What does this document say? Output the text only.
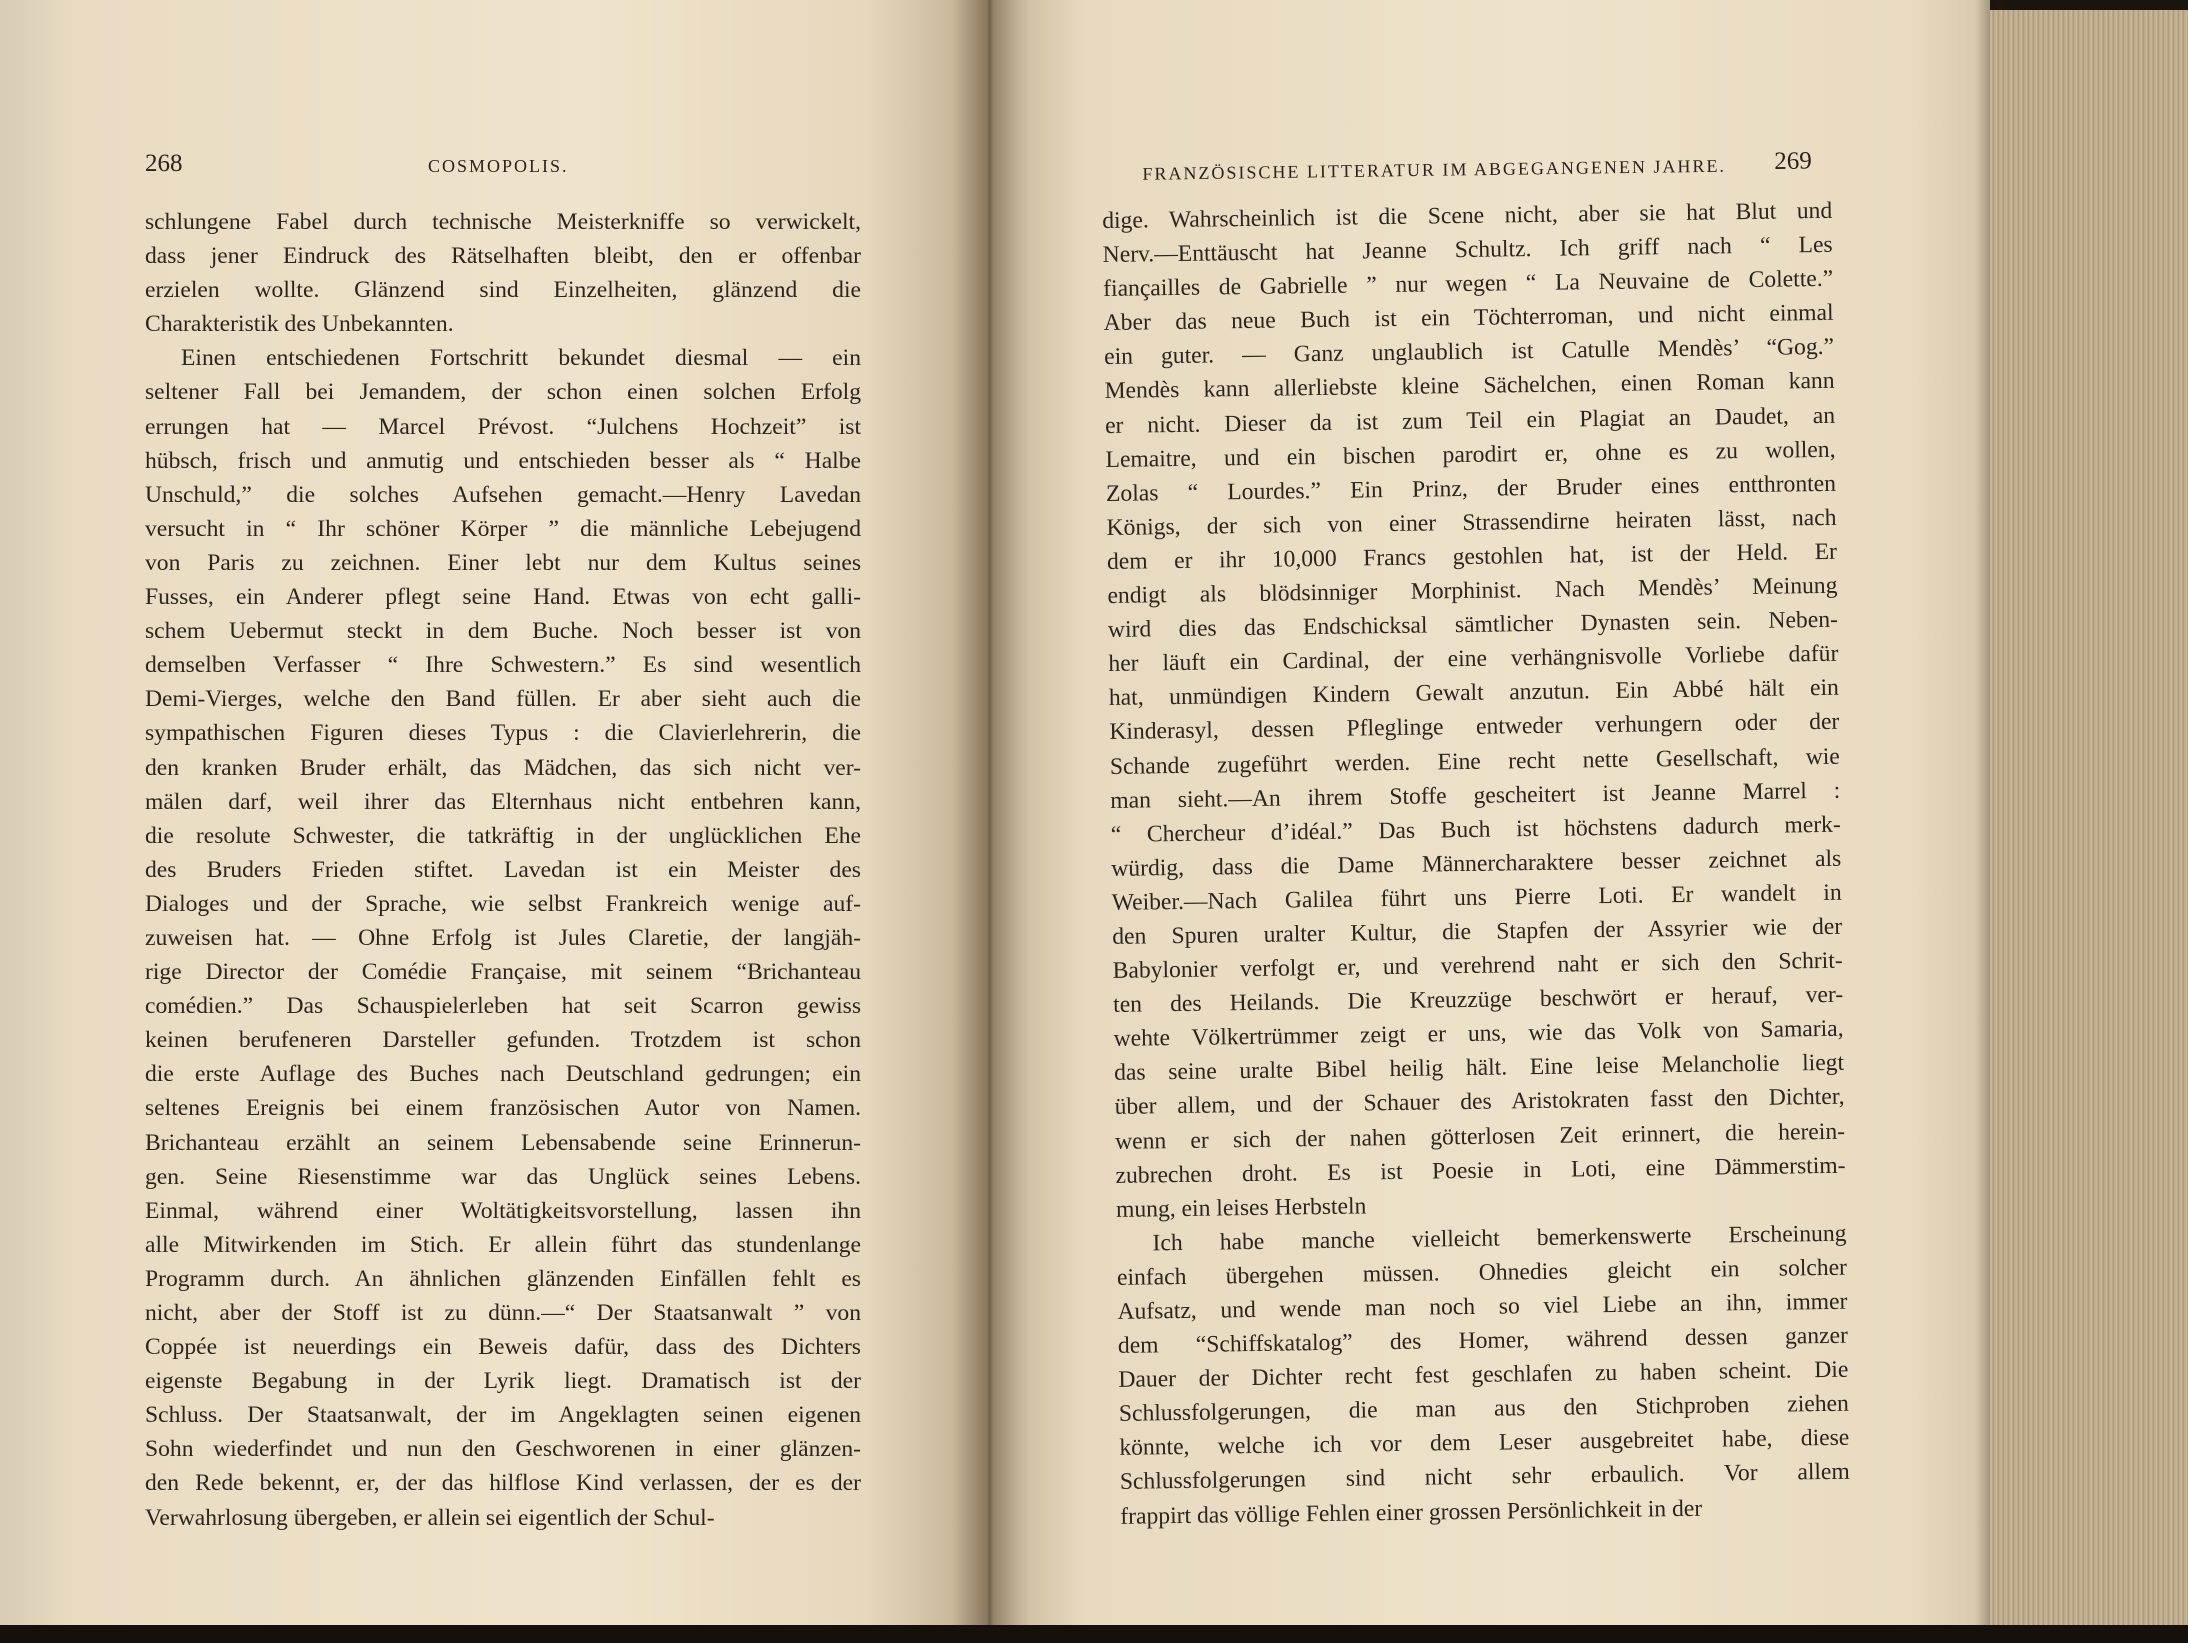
268	COSMOPOLIS.
schlungene Fabel durch technische Meisterkniffe so verwickelt,
dass jener Eindruck des Rätselhaften bleibt, den er offenbar
erzielen wollte. Glänzend sind Einzelheiten, glänzend die
Charakteristik des Unbekannten.
Einen entschiedenen Fortschritt bekundet diesmal — ein
seltener Fall bei Jemandem, der schon einen solchen Erfolg
errungen hat — Marcel Prévost. “Julchens Hochzeit” ist
hübsch, frisch und anmutig und entschieden besser als “ Halbe
Unschuld,” die solches Aufsehen gemacht.—Henry Lavedan
versucht in “ Ihr schöner Körper ” die männliche Lebejugend
von Paris zu zeichnen. Einer lebt nur dem Kultus seines
Fusses, ein Anderer pflegt seine Hand. Etwas von echt galli-
schem Uebermut steckt in dem Buche. Noch besser ist von
demselben Verfasser “ Ihre Schwestern.” Es sind wesentlich
Demi-Vierges, welche den Band füllen. Er aber sieht auch die
sympathischen Figuren dieses Typus : die Clavierlehrerin, die
den kranken Bruder erhält, das Mädchen, das sich nicht ver-
mälen darf, weil ihrer das Elternhaus nicht entbehren kann,
die resolute Schwester, die tatkräftig in der unglücklichen Ehe
des Bruders Frieden stiftet. Lavedan ist ein Meister des
Dialoges und der Sprache, wie selbst Frankreich wenige auf-
zuweisen hat. — Ohne Erfolg ist Jules Claretie, der langjäh-
rige Director der Comédie Française, mit seinem “Brichanteau
comédien.” Das Schauspielerleben hat seit Scarron gewiss
keinen berufeneren Darsteller gefunden. Trotzdem ist schon
die erste Auflage des Buches nach Deutschland gedrungen; ein
seltenes Ereignis bei einem französischen Autor von Namen.
Brichanteau erzählt an seinem Lebensabende seine Erinnerun-
gen. Seine Riesenstimme war das Unglück seines Lebens.
Einmal, während einer Woltätigkeitsvorstellung, lassen ihn
alle Mitwirkenden im Stich. Er allein führt das stundenlange
Programm durch. An ähnlichen glänzenden Einfällen fehlt es
nicht, aber der Stoff ist zu dünn.—“ Der Staatsanwalt ” von
Coppée ist neuerdings ein Beweis dafür, dass des Dichters
eigenste Begabung in der Lyrik liegt. Dramatisch ist der
Schluss. Der Staatsanwalt, der im Angeklagten seinen eigenen
Sohn wiederfindet und nun den Geschworenen in einer glänzen-
den Rede bekennt, er, der das hilflose Kind verlassen, der es der
Verwahrlosung übergeben, er allein sei eigentlich der Schul-
FRANZÖSISCHE LITTERATUR IM ABGEGANGENEN JAHRE. 269
dige. Wahrscheinlich ist die Scene nicht, aber sie hat Blut und
Nerv.—Enttäuscht hat Jeanne Schultz. Ich griff nach “ Les
fiançailles de Gabrielle ” nur wegen “ La Neuvaine de Colette.”
Aber das neue Buch ist ein Töchterroman, und nicht einmal
ein guter. — Ganz unglaublich ist Catulle Mendès’ “Gog.”
Mendès kann allerliebste kleine Sächelchen, einen Roman kann
er nicht. Dieser da ist zum Teil ein Plagiat an Daudet, an
Lemaitre, und ein bischen parodirt er, ohne es zu wollen,
Zolas “ Lourdes.” Ein Prinz, der Bruder eines entthronten
Königs, der sich von einer Strassendirne heiraten lässt, nach
dem er ihr 10,000 Francs gestohlen hat, ist der Held. Er
endigt als blödsinniger Morphinist. Nach Mendès’ Meinung
wird dies das Endschicksal sämtlicher Dynasten sein. Neben-
her läuft ein Cardinal, der eine verhängnisvolle Vorliebe dafür
hat, unmündigen Kindern Gewalt anzutun. Ein Abbé hält ein
Kinderasyl, dessen Pfleglinge entweder verhungern oder der
Schande zugeführt werden. Eine recht nette Gesellschaft, wie
man sieht.—An ihrem Stoffe gescheitert ist Jeanne Marrel :
“ Chercheur d’idéal.” Das Buch ist höchstens dadurch merk-
würdig, dass die Dame Männercharaktere besser zeichnet als
Weiber.—Nach Galilea führt uns Pierre Loti. Er wandelt in
den Spuren uralter Kultur, die Stapfen der Assyrier wie der
Babylonier verfolgt er, und verehrend naht er sich den Schrit-
ten des Heilands. Die Kreuzzüge beschwört er herauf, ver-
wehte Völkertrümmer zeigt er uns, wie das Volk von Samaria,
das seine uralte Bibel heilig hält. Eine leise Melancholie liegt
über allem, und der Schauer des Aristokraten fasst den Dichter,
wenn er sich der nahen götterlosen Zeit erinnert, die herein-
zubrechen droht. Es ist Poesie in Loti, eine Dämmerstim-
mung, ein leises Herbsteln
Ich habe manche vielleicht bemerkenswerte Erscheinung
einfach übergehen müssen. Ohnedies gleicht ein solcher
Aufsatz, und wende man noch so viel Liebe an ihn, immer
dem “Schiffskatalog” des Homer, während dessen ganzer
Dauer der Dichter recht fest geschlafen zu haben scheint. Die
Schlussfolgerungen, die man aus den Stichproben ziehen
könnte, welche ich vor dem Leser ausgebreitet habe, diese
Schlussfolgerungen sind nicht sehr erbaulich. Vor allem
frappirt das völlige Fehlen einer grossen Persönlichkeit in der
